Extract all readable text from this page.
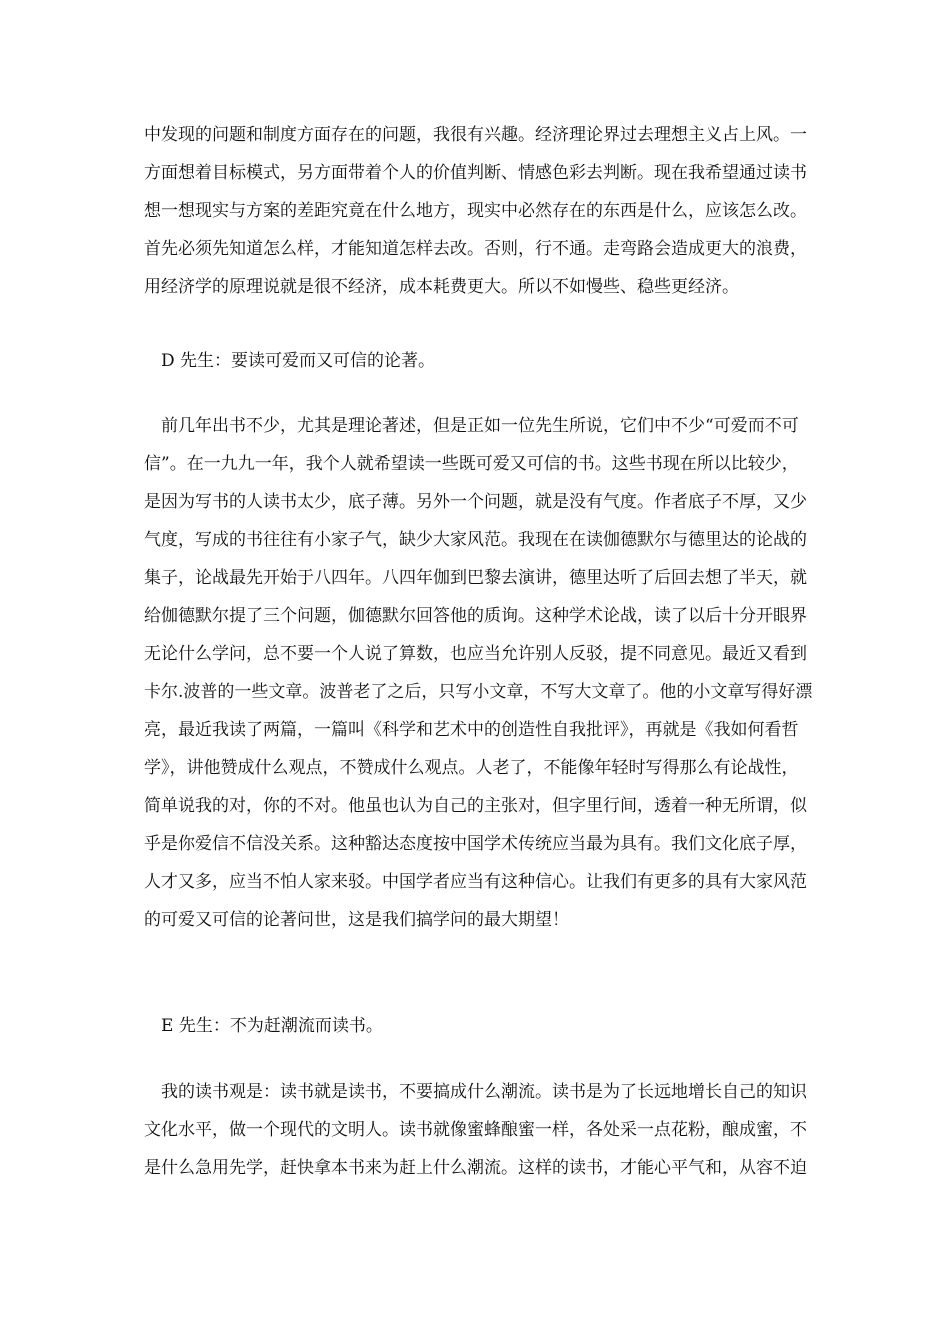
中发现的问题和制度方面存在的问题，我很有兴趣。经济理论界过去理想主义占上风。一
方面想着目标模式，另方面带着个人的价值判断、情感色彩去判断。现在我希望通过读书
想一想现实与方案的差距究竟在什么地方，现实中必然存在的东西是什么，应该怎么改。
首先必须先知道怎么样，才能知道怎样去改。否则，行不通。走弯路会造成更大的浪费，
用经济学的原理说就是很不经济，成本耗费更大。所以不如慢些、稳些更经济。
D 先生：要读可爱而又可信的论著。
前几年出书不少，尤其是理论著述，但是正如一位先生所说，它们中不少“可爱而不可
信”。在一九九一年，我个人就希望读一些既可爱又可信的书。这些书现在所以比较少，
是因为写书的人读书太少，底子薄。另外一个问题，就是没有气度。作者底子不厚，又少
气度，写成的书往往有小家子气，缺少大家风范。我现在在读伽德默尔与德里达的论战的
集子，论战最先开始于八四年。八四年伽到巴黎去演讲，德里达听了后回去想了半天，就
给伽德默尔提了三个问题，伽德默尔回答他的质询。这种学术论战，读了以后十分开眼界
无论什么学问，总不要一个人说了算数，也应当允许别人反驳，提不同意见。最近又看到
卡尔.波普的一些文章。波普老了之后，只写小文章，不写大文章了。他的小文章写得好漂
亮，最近我读了两篇，一篇叫《科学和艺术中的创造性自我批评》，再就是《我如何看哲
学》，讲他赞成什么观点，不赞成什么观点。人老了，不能像年轻时写得那么有论战性，
简单说我的对，你的不对。他虽也认为自己的主张对，但字里行间，透着一种无所谓，似
乎是你爱信不信没关系。这种豁达态度按中国学术传统应当最为具有。我们文化底子厚，
人才又多，应当不怕人家来驳。中国学者应当有这种信心。让我们有更多的具有大家风范
的可爱又可信的论著问世，这是我们搞学问的最大期望！
E 先生：不为赶潮流而读书。
我的读书观是：读书就是读书，不要搞成什么潮流。读书是为了长远地增长自己的知识
文化水平，做一个现代的文明人。读书就像蜜蜂酿蜜一样，各处采一点花粉，酿成蜜，不
是什么急用先学，赶快拿本书来为赶上什么潮流。这样的读书，才能心平气和，从容不迫
